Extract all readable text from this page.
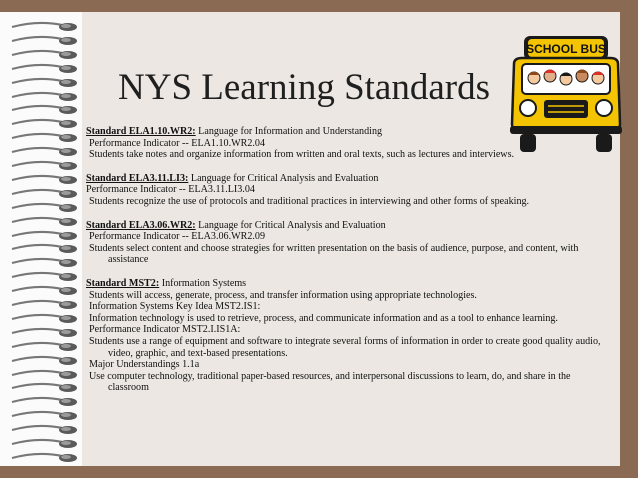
NYS Learning Standards
SCHOOL BUS

Standard ELA1.10.WR2: Language for Information and Understanding

Performance Indicator -- ELA1.10.WR2.04

Students take notes and organize information from written and oral texts, such as lectures and interviews.

Standard ELA3.11.LI3: Language for Critical Analysis and Evaluation

Performance Indicator -- ELA3.11.LI3.04

Students recognize the use of protocols and traditional practices in interviewing and other forms of speaking.

Standard ELA3.06.WR2: Language for Critical Analysis and Evaluation

Performance Indicator -- ELA3.06.WR2.09

Students select content and choose strategies for written presentation on the basis of audience, purpose, and content, with assistance

Standard MST2: Information Systems

Students will access, generate, process, and transfer information using appropriate technologies.

Information Systems Key Idea MST2.IS1:

Information technology is used to retrieve, process, and communicate information and as a tool to enhance learning.

Performance Indicator MST2.I.IS1A:

Students use a range of equipment and software to integrate several forms of information in order to create good quality audio, video, graphic, and text-based presentations.

Major Understandings 1.1a

Use computer technology, traditional paper-based resources, and interpersonal discussions to learn, do, and share in the classroom
